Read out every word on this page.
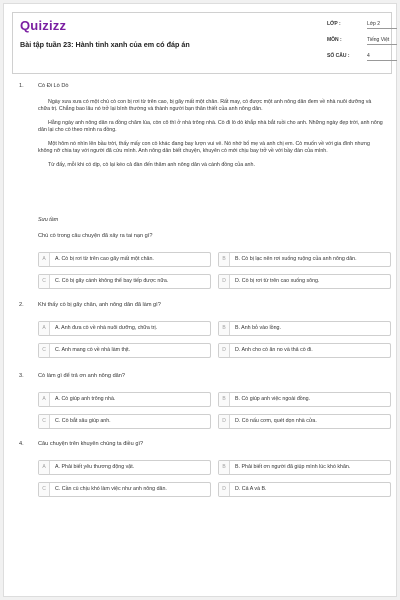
Quizizz
Bài tập tuần 23: Hành tinh xanh của em có đáp án
LỚP :	Lớp 2
MÔN :	Tiếng Việt
SỐ CÂU :	4
1.	Cò Đi Lò Dò

Ngày xưa xưa có một chú cò con bị rơi từ trên cao, bị gãy mất một chân. Rất may, có được một anh nông dân đem về nhà nuôi dưỡng và chữa trị. Chẳng bao lâu nó trở lại bình thường và thành người bạn thân thiết của anh nông dân.

Hằng ngày anh nông dân ra đồng chăm lúa, còn cô thì ở nhà trông nhà. Cò đi lò dò khắp nhà bắt ruồi cho anh. Những ngày đẹp trời, anh nông dân lại cho cò theo mình ra đồng.

Một hôm nó nhìn lên bầu trời, thấy mấy con cò khác đang bay lượn vui vẻ. Nó nhớ bố mẹ và anh chị em. Cò muốn về với gia đình nhưng không nỡ chia tay với người đã cứu mình. Anh nông dân biết chuyện, khuyên cò mới chịu bay trở về với bầy đàn của mình.

Từ đấy, mỗi khi có dịp, cò lại kéo cả đàn đến thăm anh nông dân và cánh đồng của anh.

Sưu tầm
Chú cò trong câu chuyện đã xảy ra tai nạn gì?
A	A. Cò bị rơi từ trên cao gãy mất một chân.	B	B. Cò bị lạc nên rơi xuống ruộng của anh nông dân.
C	C. Cò bị gãy cánh không thể bay tiếp được nữa.	D	D. Cò bị rơi từ trên cao xuống sông.
2.	Khi thấy cò bị gãy chân, anh nông dân đã làm gì?
A	A. Anh đưa cò về nhà nuôi dưỡng, chữa trị.	B	B. Anh bỏ vào lồng.
C	C. Anh mang cò về nhà làm thịt.	D	D. Anh cho cò ăn no và thả cò đi.
3.	Cò làm gì để trả ơn anh nông dân?
A	A. Cò giúp anh trông nhà.	B	B. Cò giúp anh việc ngoài đồng.
C	C. Cò bắt sâu giúp anh.	D	D. Cò nấu cơm, quét dọn nhà cửa.
4.	Câu chuyện trên khuyên chúng ta điều gì?
A	A. Phải biết yêu thương động vật.	B	B. Phải biết ơn người đã giúp mình lúc khó khăn.
C	C. Cần cù chịu khó làm việc như anh nông dân.	D	D. Cả A và B.
